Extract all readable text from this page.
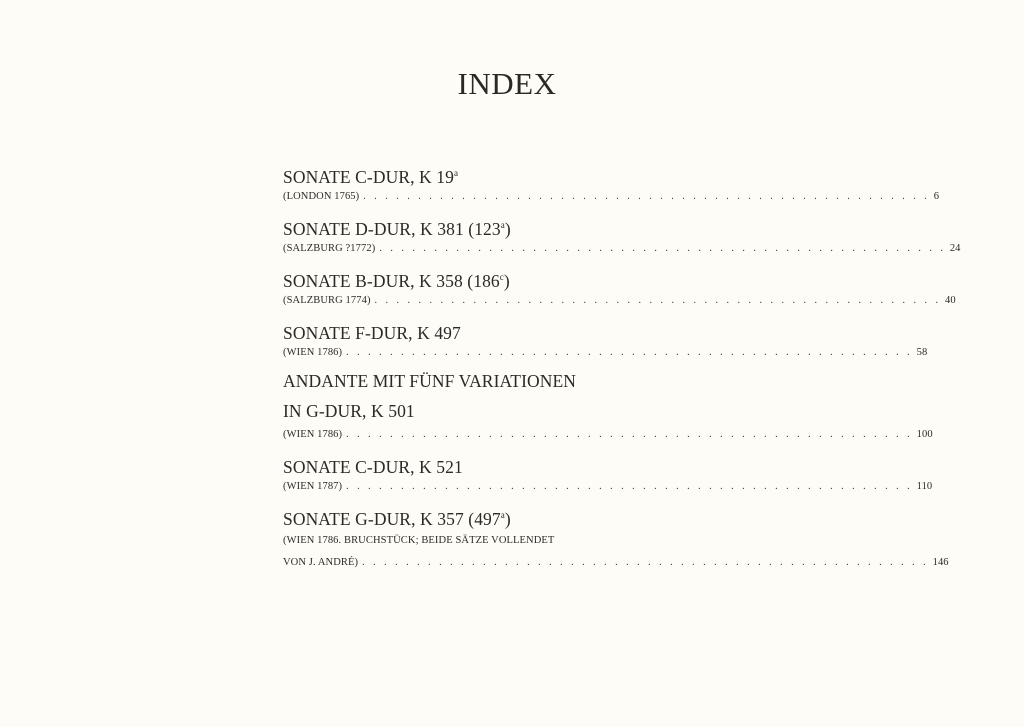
INDEX
SONATE C-DUR, K 19$^a$
(LONDON 1765) . . . . . . . . . . . . . . . . . . . . . . . . . . . . . . . . . . . . . . . . . . . . . . . . . . . . 6
SONATE D-DUR, K 381 (123$^a$)
(SALZBURG ?1772) . . . . . . . . . . . . . . . . . . . . . . . . . . . . . . . . . . . . . . . . . . . . . . . . . . . . 24
SONATE B-DUR, K 358 (186$^c$)
(SALZBURG 1774) . . . . . . . . . . . . . . . . . . . . . . . . . . . . . . . . . . . . . . . . . . . . . . . . . . . . 40
SONATE F-DUR, K 497
(WIEN 1786) . . . . . . . . . . . . . . . . . . . . . . . . . . . . . . . . . . . . . . . . . . . . . . . . . . . . 58
ANDANTE MIT FÜNF VARIATIONEN
IN G-DUR, K 501
(WIEN 1786) . . . . . . . . . . . . . . . . . . . . . . . . . . . . . . . . . . . . . . . . . . . . . . . . . . . . 100
SONATE C-DUR, K 521
(WIEN 1787) . . . . . . . . . . . . . . . . . . . . . . . . . . . . . . . . . . . . . . . . . . . . . . . . . . . . 110
SONATE G-DUR, K 357 (497$^a$)
(WIEN 1786. BRUCHSTÜCK; BEIDE SÄTZE VOLLENDET
VON J. ANDRÉ) . . . . . . . . . . . . . . . . . . . . . . . . . . . . . . . . . . . . . . . . . . . . . . . . . . . . 146
